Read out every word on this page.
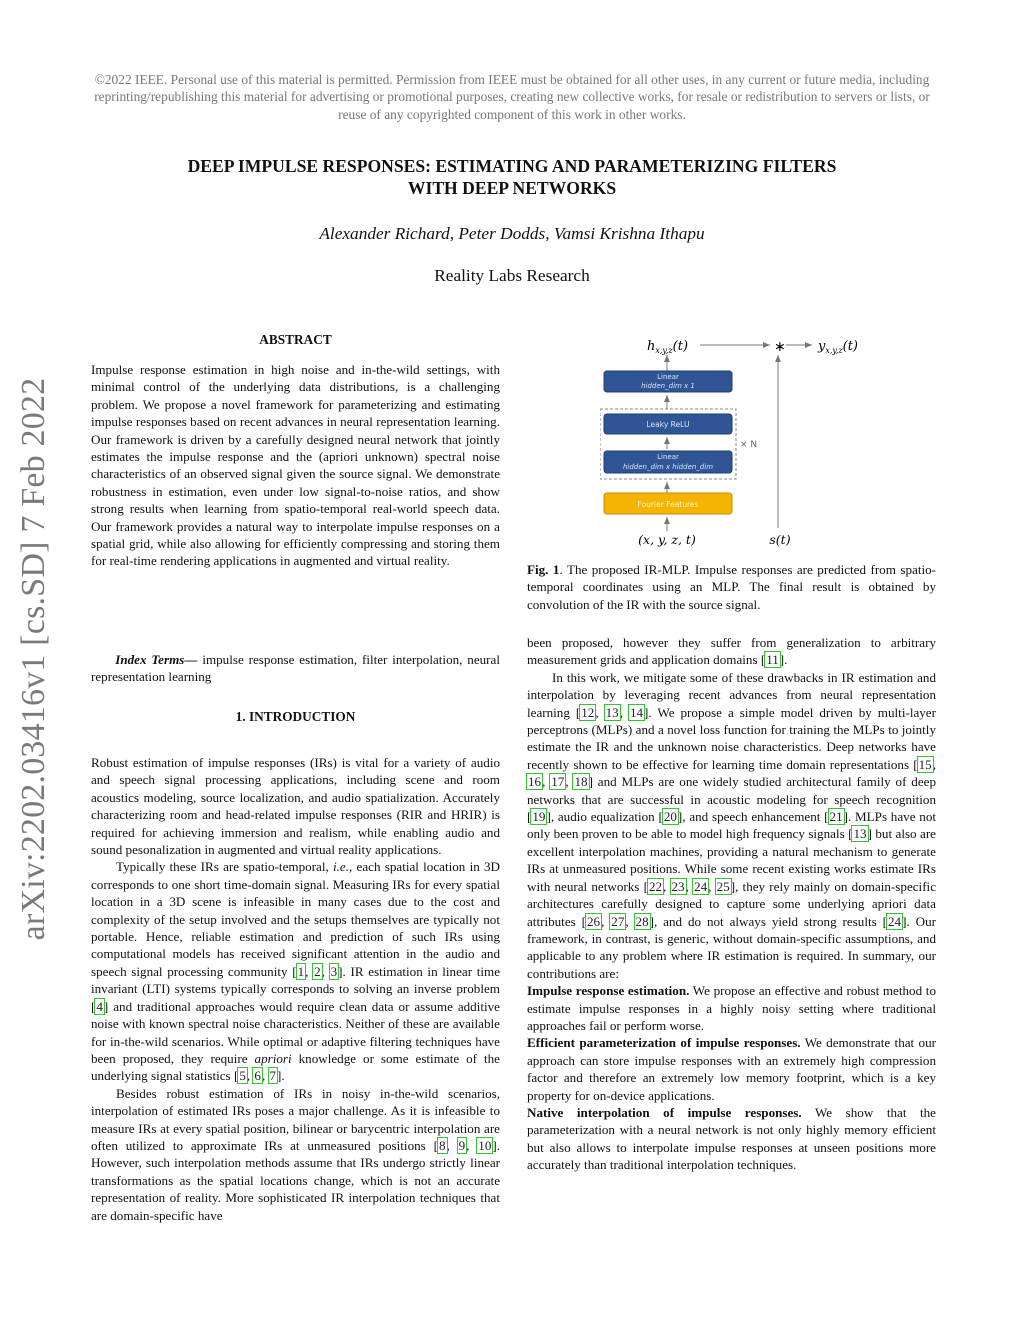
©2022 IEEE. Personal use of this material is permitted. Permission from IEEE must be obtained for all other uses, in any current or future media, including reprinting/republishing this material for advertising or promotional purposes, creating new collective works, for resale or redistribution to servers or lists, or reuse of any copyrighted component of this work in other works.
DEEP IMPULSE RESPONSES: ESTIMATING AND PARAMETERIZING FILTERS
WITH DEEP NETWORKS
Alexander Richard, Peter Dodds, Vamsi Krishna Ithapu
Reality Labs Research
arXiv:2202.03416v1 [cs.SD] 7 Feb 2022
ABSTRACT

Impulse response estimation in high noise and in-the-wild settings, with minimal control of the underlying data distributions, is a challenging problem. We propose a novel framework for parameterizing and estimating impulse responses based on recent advances in neural representation learning. Our framework is driven by a carefully designed neural network that jointly estimates the impulse response and the (apriori unknown) spectral noise characteristics of an observed signal given the source signal. We demonstrate robustness in estimation, even under low signal-to-noise ratios, and show strong results when learning from spatio-temporal real-world speech data. Our framework provides a natural way to interpolate impulse responses on a spatial grid, while also allowing for efficiently compressing and storing them for real-time rendering applications in augmented and virtual reality.

Index Terms— impulse response estimation, filter interpolation, neural representation learning

1. INTRODUCTION

Robust estimation of impulse responses (IRs) is vital for a variety of audio and speech signal processing applications, including scene and room acoustics modeling, source localization, and audio spatialization. Accurately characterizing room and head-related impulse responses (RIR and HRIR) is required for achieving immersion and realism, while enabling audio and sound pesonalization in augmented and virtual reality applications.

Typically these IRs are spatio-temporal, i.e., each spatial location in 3D corresponds to one short time-domain signal. Measuring IRs for every spatial location in a 3D scene is infeasible in many cases due to the cost and complexity of the setup involved and the setups themselves are typically not portable. Hence, reliable estimation and prediction of such IRs using computational models has received significant attention in the audio and speech signal processing community [1, 2, 3]. IR estimation in linear time invariant (LTI) systems typically corresponds to solving an inverse problem [4] and traditional approaches would require clean data or assume additive noise with known spectral noise characteristics. Neither of these are available for in-the-wild scenarios. While optimal or adaptive filtering techniques have been proposed, they require apriori knowledge or some estimate of the underlying signal statistics [5, 6, 7].

Besides robust estimation of IRs in noisy in-the-wild scenarios, interpolation of estimated IRs poses a major challenge. As it is infeasible to measure IRs at every spatial position, bilinear or barycentric interpolation are often utilized to approximate IRs at unmeasured positions [8, 9, 10]. However, such interpolation methods assume that IRs undergo strictly linear transformations as the spatial locations change, which is not an accurate representation of reality. More sophisticated IR interpolation techniques that are domain-specific have

$h_{x,y,z}(t)$	∗ $y_{x,y,z}(t)$
Linear
hidden_dim x 1
× N
Leaky ReLU
Linear
hidden_dim x hidden_dim
Fourier Features
(x, y, z, t)	s(t)
Fig. 1. The proposed IR-MLP. Impulse responses are predicted from spatio-temporal coordinates using an MLP. The final result is obtained by convolution of the IR with the source signal.

been proposed, however they suffer from generalization to arbitrary measurement grids and application domains [11].

In this work, we mitigate some of these drawbacks in IR estimation and interpolation by leveraging recent advances from neural representation learning [12, 13, 14]. We propose a simple model driven by multi-layer perceptrons (MLPs) and a novel loss function for training the MLPs to jointly estimate the IR and the unknown noise characteristics. Deep networks have recently shown to be effective for learning time domain representations [15, 16, 17, 18] and MLPs are one widely studied architectural family of deep networks that are successful in acoustic modeling for speech recognition [19], audio equalization [20], and speech enhancement [21]. MLPs have not only been proven to be able to model high frequency signals [13] but also are excellent interpolation machines, providing a natural mechanism to generate IRs at unmeasured positions. While some recent existing works estimate IRs with neural networks [22, 23, 24, 25], they rely mainly on domain-specific architectures carefully designed to capture some underlying apriori data attributes [26, 27, 28], and do not always yield strong results [24]. Our framework, in contrast, is generic, without domain-specific assumptions, and applicable to any problem where IR estimation is required. In summary, our contributions are:

Impulse response estimation. We propose an effective and robust method to estimate impulse responses in a highly noisy setting where traditional approaches fail or perform worse.

Efficient parameterization of impulse responses. We demonstrate that our approach can store impulse responses with an extremely high compression factor and therefore an extremely low memory footprint, which is a key property for on-device applications.

Native interpolation of impulse responses. We show that the parameterization with a neural network is not only highly memory efficient but also allows to interpolate impulse responses at unseen positions more accurately than traditional interpolation techniques.
